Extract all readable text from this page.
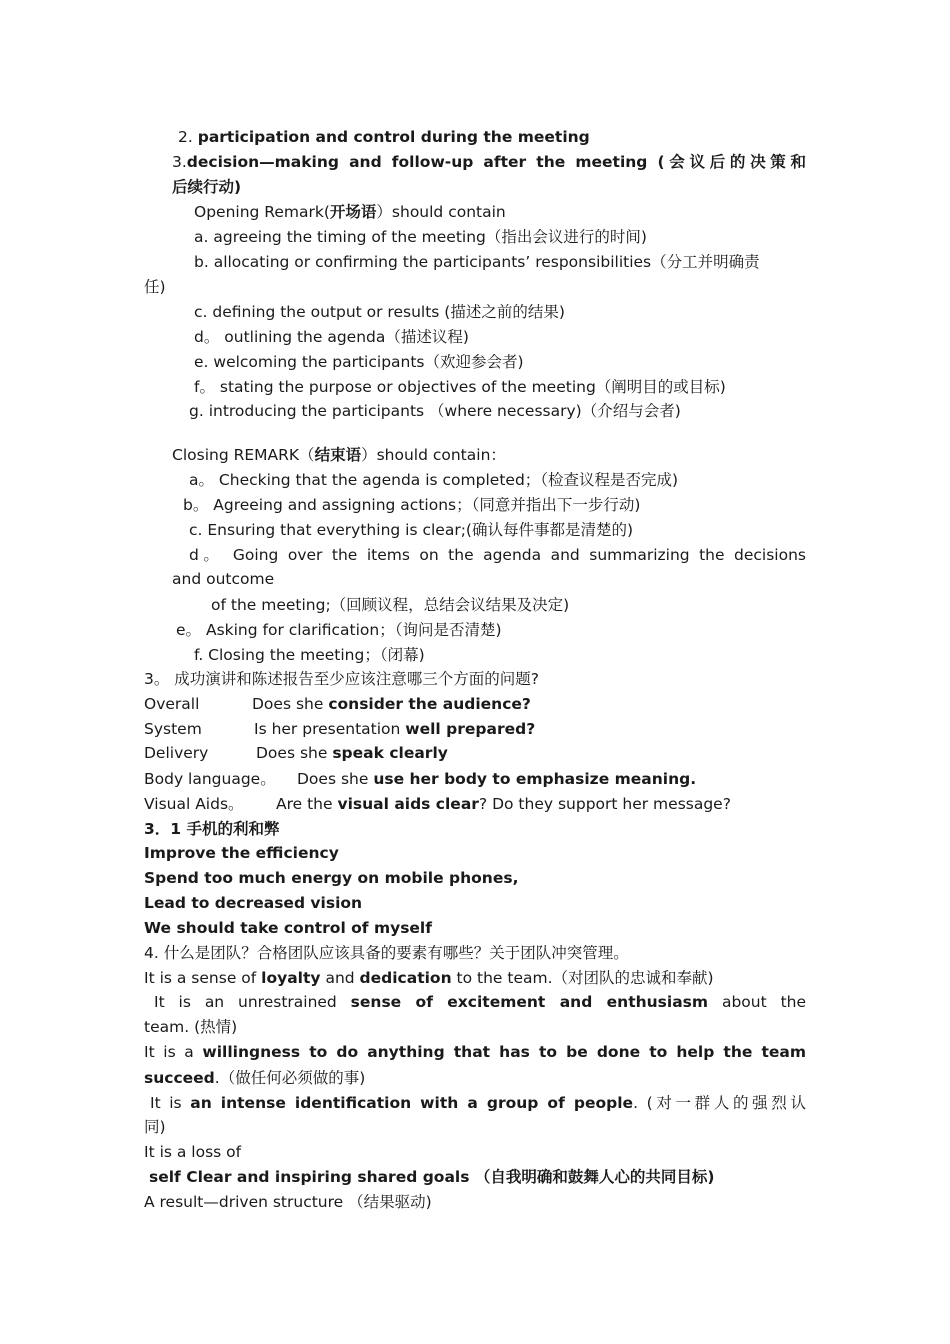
2. participation and control during the meeting
3.decision—making and follow-up after the meeting (会议后的决策和
后续行动)
Opening Remark(开场语）should contain
a. agreeing the timing of the meeting（指出会议进行的时间)
b. allocating or confirming the participants’ responsibilities（分工并明确责
任)
c. defining the output or results (描述之前的结果)
d。 outlining the agenda（描述议程)
e. welcoming the participants（欢迎参会者)
f。 stating the purpose or objectives of the meeting（阐明目的或目标)
g. introducing the participants （where necessary)（介绍与会者)
Closing REMARK（结束语）should contain：
a。 Checking that the agenda is completed；（检查议程是否完成)
b。 Agreeing and assigning actions；（同意并指出下一步行动)
c. Ensuring that everything is clear;(确认每件事都是清楚的)
d。 Going over the items on the agenda and summarizing the decisions
and outcome
of the meeting;（回顾议程，总结会议结果及决定)
e。 Asking for clarification；（询问是否清楚)
f. Closing the meeting；（闭幕)
3。 成功演讲和陈述报告至少应该注意哪三个方面的问题?
Overall	Does she consider the audience?
System	Is her presentation well prepared?
Delivery	Does she speak clearly
Body language。 Does she use her body to emphasize meaning.
Visual Aids。 Are the visual aids clear? Do they support her message?
3．1 手机的利和弊
Improve the efficiency
Spend too much energy on mobile phones,
Lead to decreased vision
We should take control of myself
4. 什么是团队？合格团队应该具备的要素有哪些？关于团队冲突管理。
It is a sense of loyalty and dedication to the team.（对团队的忠诚和奉献)
It is an unrestrained sense of excitement and enthusiasm about the
team. (热情)
It is a willingness to do anything that has to be done to help the team
succeed.（做任何必须做的事)
It is an intense identification with a group of people. (对一群人的强烈认
同)
It is a loss of
self Clear and inspiring shared goals （自我明确和鼓舞人心的共同目标)
A result—driven structure （结果驱动)
